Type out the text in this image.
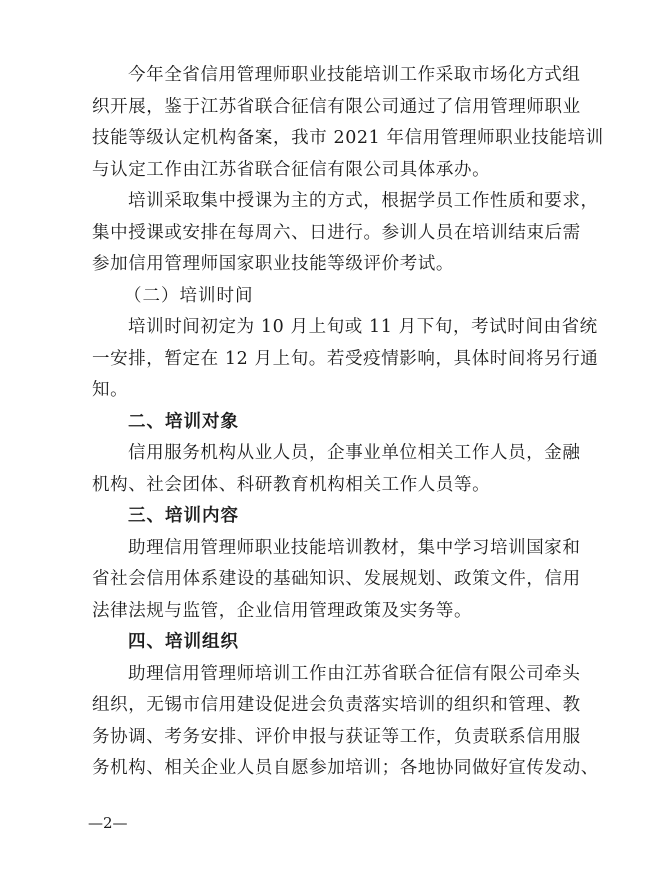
今年全省信用管理师职业技能培训工作采取市场化方式组
织开展，鉴于江苏省联合征信有限公司通过了信用管理师职业
技能等级认定机构备案，我市 2021 年信用管理师职业技能培训
与认定工作由江苏省联合征信有限公司具体承办。
培训采取集中授课为主的方式，根据学员工作性质和要求，
集中授课或安排在每周六、日进行。参训人员在培训结束后需
参加信用管理师国家职业技能等级评价考试。
（二）培训时间
培训时间初定为 10 月上旬或 11 月下旬，考试时间由省统
一安排，暂定在 12 月上旬。若受疫情影响，具体时间将另行通
知。
二、培训对象
信用服务机构从业人员，企事业单位相关工作人员，金融
机构、社会团体、科研教育机构相关工作人员等。
三、培训内容
助理信用管理师职业技能培训教材，集中学习培训国家和
省社会信用体系建设的基础知识、发展规划、政策文件，信用
法律法规与监管，企业信用管理政策及实务等。
四、培训组织
助理信用管理师培训工作由江苏省联合征信有限公司牵头
组织，无锡市信用建设促进会负责落实培训的组织和管理、教
务协调、考务安排、评价申报与获证等工作，负责联系信用服
务机构、相关企业人员自愿参加培训；各地协同做好宣传发动、
—2—
